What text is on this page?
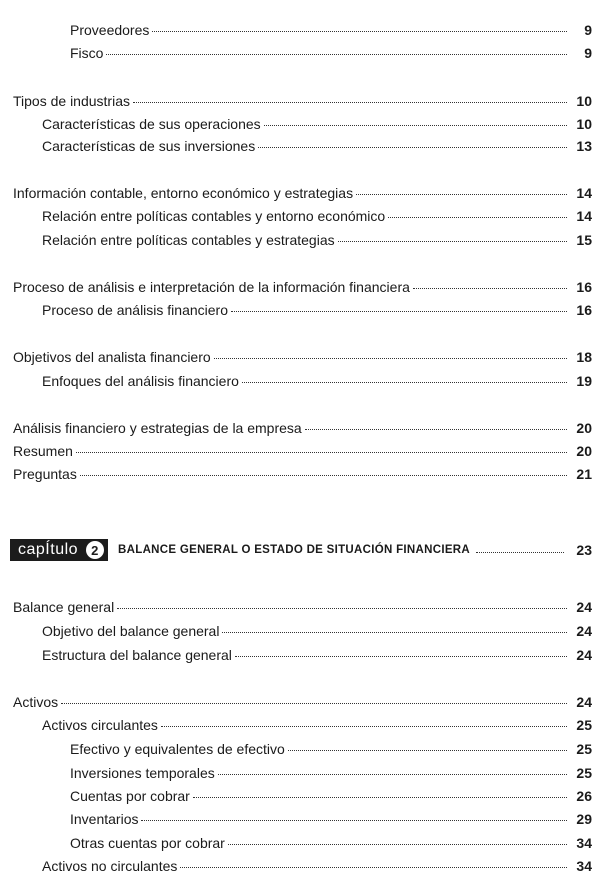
Proveedores	9
Fisco	9
Tipos de industrias	10
Características de sus operaciones	10
Características de sus inversiones	13
Información contable, entorno económico y estrategias	14
Relación entre políticas contables y entorno económico	14
Relación entre políticas contables y estrategias	15
Proceso de análisis e interpretación de la información financiera	16
Proceso de análisis financiero	16
Objetivos del analista financiero	18
Enfoques del análisis financiero	19
Análisis financiero y estrategias de la empresa	20
Resumen	20
Preguntas	21
capÍtulo	2	BALANCE GENERAL O ESTADO DE SITUACIÓN FINANCIERA	23
Balance general	24
Objetivo del balance general	24
Estructura del balance general	24
Activos	24
Activos circulantes	25
Efectivo y equivalentes de efectivo	25
Inversiones temporales	25
Cuentas por cobrar	26
Inventarios	29
Otras cuentas por cobrar	34
Activos no circulantes	34
